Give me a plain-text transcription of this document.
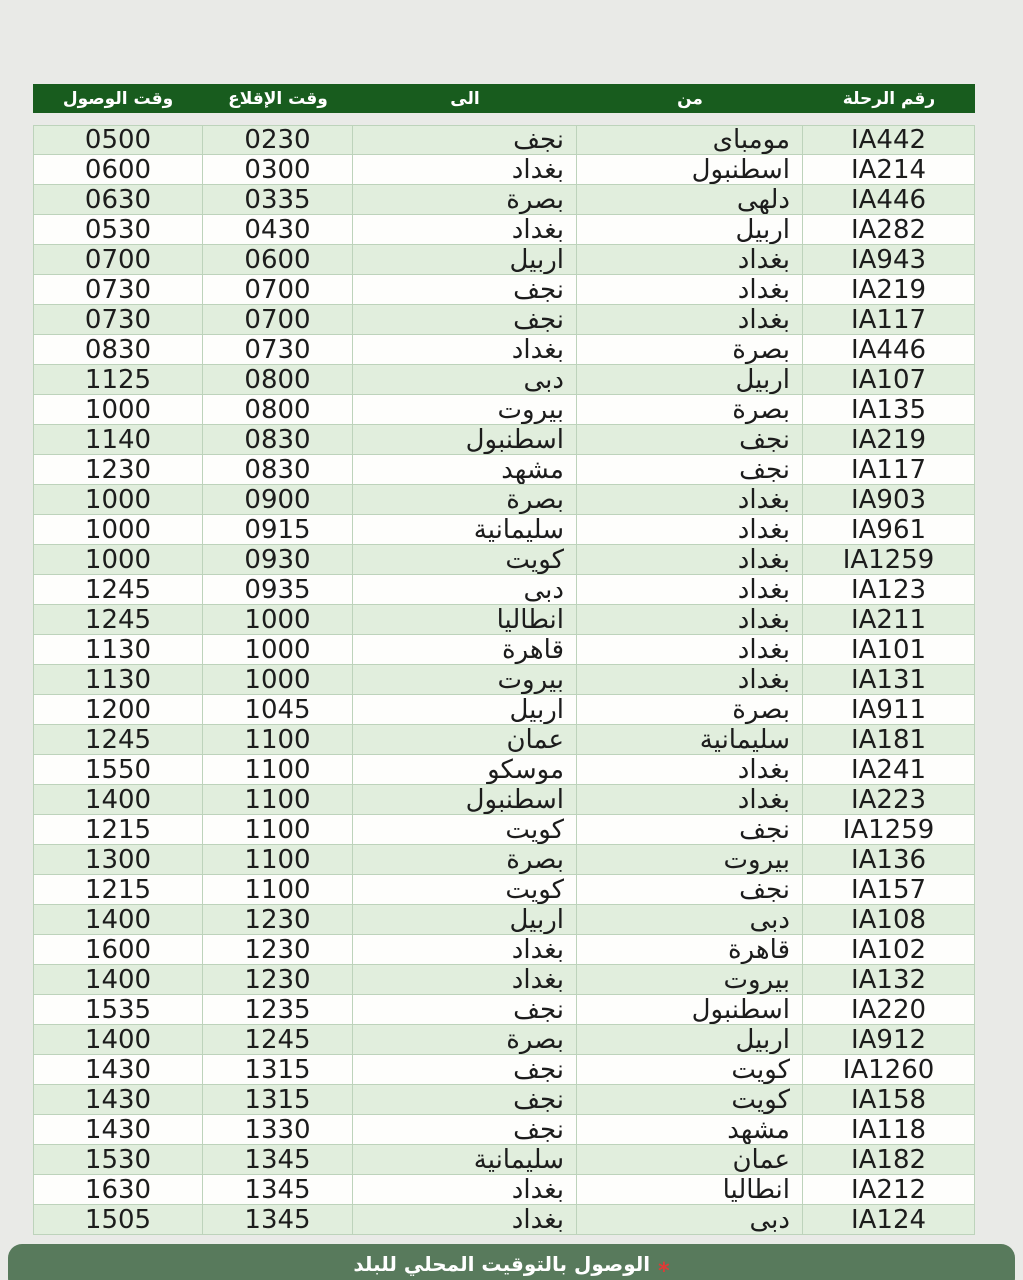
رقم الرحلة
من
الى
وقت الإقلاع
وقت الوصول
IA442
مومباى
نجف
0230
0500
IA214
اسطنبول
بغداد
0300
0600
IA446
دلهى
بصرة
0335
0630
IA282
اربيل
بغداد
0430
0530
IA943
بغداد
اربيل
0600
0700
IA219
بغداد
نجف
0700
0730
IA117
بغداد
نجف
0700
0730
IA446
بصرة
بغداد
0730
0830
IA107
اربيل
دبى
0800
1125
IA135
بصرة
بيروت
0800
1000
IA219
نجف
اسطنبول
0830
1140
IA117
نجف
مشهد
0830
1230
IA903
بغداد
بصرة
0900
1000
IA961
بغداد
سليمانية
0915
1000
IA1259
بغداد
كويت
0930
1000
IA123
بغداد
دبى
0935
1245
IA211
بغداد
انطاليا
1000
1245
IA101
بغداد
قاهرة
1000
1130
IA131
بغداد
بيروت
1000
1130
IA911
بصرة
اربيل
1045
1200
IA181
سليمانية
عمان
1100
1245
IA241
بغداد
موسكو
1100
1550
IA223
بغداد
اسطنبول
1100
1400
IA1259
نجف
كويت
1100
1215
IA136
بيروت
بصرة
1100
1300
IA157
نجف
كويت
1100
1215
IA108
دبى
اربيل
1230
1400
IA102
قاهرة
بغداد
1230
1600
IA132
بيروت
بغداد
1230
1400
IA220
اسطنبول
نجف
1235
1535
IA912
اربيل
بصرة
1245
1400
IA1260
كويت
نجف
1315
1430
IA158
كويت
نجف
1315
1430
IA118
مشهد
نجف
1330
1430
IA182
عمان
سليمانية
1345
1530
IA212
انطاليا
بغداد
1345
1630
IA124
دبى
بغداد
1345
1505
*
الوصول بالتوقيت المحلي للبلد
